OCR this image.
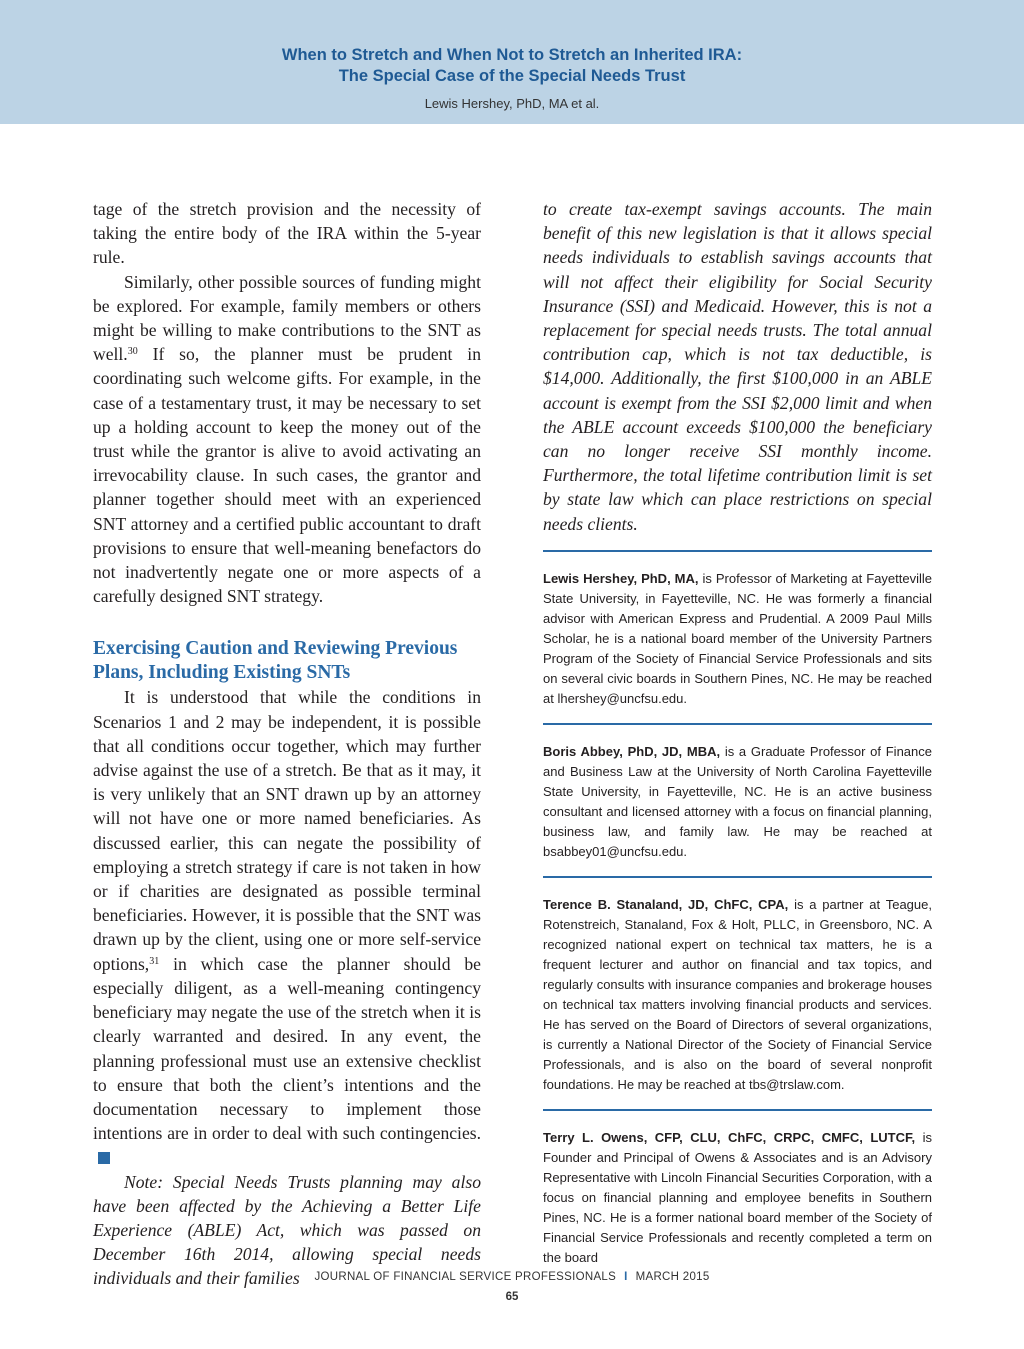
When to Stretch and When Not to Stretch an Inherited IRA:
The Special Case of the Special Needs Trust
Lewis Hershey, PhD, MA et al.

tage of the stretch provision and the necessity of taking the entire body of the IRA within the 5-year rule.

Similarly, other possible sources of funding might be explored. For example, family members or others might be willing to make contributions to the SNT as well.$^{30}$ If so, the planner must be prudent in coordinating such welcome gifts. For example, in the case of a testamentary trust, it may be necessary to set up a holding account to keep the money out of the trust while the grantor is alive to avoid activating an irrevocability clause. In such cases, the grantor and planner together should meet with an experienced SNT attorney and a certified public accountant to draft provisions to ensure that well-meaning benefactors do not inadvertently negate one or more aspects of a carefully designed SNT strategy.

Exercising Caution and Reviewing Previous Plans, Including Existing SNTs

It is understood that while the conditions in Scenarios 1 and 2 may be independent, it is possible that all conditions occur together, which may further advise against the use of a stretch. Be that as it may, it is very unlikely that an SNT drawn up by an attorney will not have one or more named beneficiaries. As discussed earlier, this can negate the possibility of employing a stretch strategy if care is not taken in how or if charities are designated as possible terminal beneficiaries. However, it is possible that the SNT was drawn up by the client, using one or more self-service options,$^{31}$ in which case the planner should be especially diligent, as a well-meaning contingency beneficiary may negate the use of the stretch when it is clearly warranted and desired. In any event, the planning professional must use an extensive checklist to ensure that both the client’s intentions and the documentation necessary to implement those intentions are in order to deal with such contingencies.

Note: Special Needs Trusts planning may also have been affected by the Achieving a Better Life Experience (ABLE) Act, which was passed on December 16th 2014, allowing special needs individuals and their families

to create tax-exempt savings accounts. The main benefit of this new legislation is that it allows special needs individuals to establish savings accounts that will not affect their eligibility for Social Security Insurance (SSI) and Medicaid. However, this is not a replacement for special needs trusts. The total annual contribution cap, which is not tax deductible, is $14,000. Additionally, the first $100,000 in an ABLE account is exempt from the SSI $2,000 limit and when the ABLE account exceeds $100,000 the beneficiary can no longer receive SSI monthly income. Furthermore, the total lifetime contribution limit is set by state law which can place restrictions on special needs clients.

Lewis Hershey, PhD, MA, is Professor of Marketing at Fayetteville State University, in Fayetteville, NC. He was formerly a financial advisor with American Express and Prudential. A 2009 Paul Mills Scholar, he is a national board member of the University Partners Program of the Society of Financial Service Professionals and sits on several civic boards in Southern Pines, NC. He may be reached at lhershey@uncfsu.edu.

Boris Abbey, PhD, JD, MBA, is a Graduate Professor of Finance and Business Law at the University of North Carolina Fayetteville State University, in Fayetteville, NC. He is an active business consultant and licensed attorney with a focus on financial planning, business law, and family law. He may be reached at bsabbey01@uncfsu.edu.

Terence B. Stanaland, JD, ChFC, CPA, is a partner at Teague, Rotenstreich, Stanaland, Fox & Holt, PLLC, in Greensboro, NC. A recognized national expert on technical tax matters, he is a frequent lecturer and author on financial and tax topics, and regularly consults with insurance companies and brokerage houses on technical tax matters involving financial products and services. He has served on the Board of Directors of several organizations, is currently a National Director of the Society of Financial Service Professionals, and is also on the board of several nonprofit foundations. He may be reached at tbs@trslaw.com.

Terry L. Owens, CFP, CLU, ChFC, CRPC, CMFC, LUTCF, is Founder and Principal of Owens & Associates and is an Advisory Representative with Lincoln Financial Securities Corporation, with a focus on financial planning and employee benefits in Southern Pines, NC. He is a former national board member of the Society of Financial Service Professionals and recently completed a term on the board

JOURNAL OF FINANCIAL SERVICE PROFESSIONALS I MARCH 2015
65
